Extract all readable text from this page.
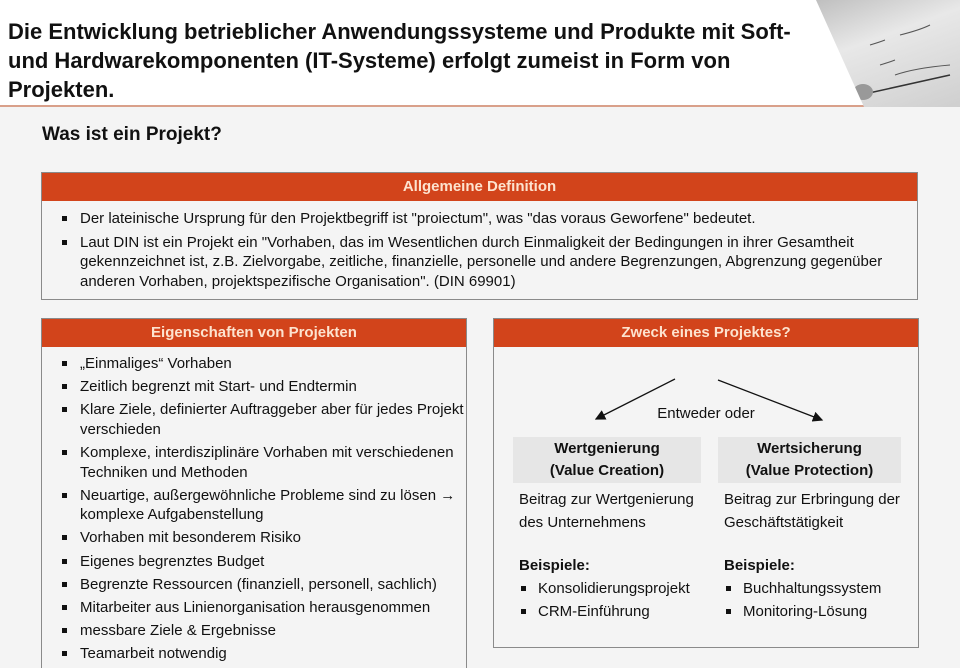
Die Entwicklung betrieblicher Anwendungssysteme und Produkte mit Soft- und Hardwarekomponenten (IT-Systeme) erfolgt zumeist in Form von Projekten.
Was ist ein Projekt?
Allgemeine Definition
Der lateinische Ursprung für den Projektbegriff ist "proiectum", was "das voraus Geworfene" bedeutet.
Laut DIN ist ein Projekt ein "Vorhaben, das im Wesentlichen durch Einmaligkeit der Bedingungen in ihrer Gesamtheit gekennzeichnet ist, z.B. Zielvorgabe, zeitliche, finanzielle, personelle und andere Begrenzungen, Abgrenzung gegenüber anderen Vorhaben, projektspezifische Organisation". (DIN 69901)
Eigenschaften von Projekten
„Einmaliges“ Vorhaben
Zeitlich begrenzt mit Start- und Endtermin
Klare Ziele, definierter Auftraggeber aber für jedes Projekt verschieden
Komplexe, interdisziplinäre Vorhaben mit verschiedenen Techniken und Methoden
Neuartige, außergewöhnliche Probleme sind zu lösen → komplexe Aufgabenstellung
Vorhaben mit besonderem Risiko
Eigenes begrenztes Budget
Begrenzte Ressourcen (finanziell, personell, sachlich)
Mitarbeiter aus Linienorganisation herausgenommen
messbare Ziele & Ergebnisse
Teamarbeit notwendig
Zweck eines Projektes?
Entweder oder
Wertgenierung
(Value Creation)
Beitrag zur Wertgenierung des Unternehmens
Beispiele:
Konsolidierungsprojekt
CRM-Einführung
Wertsicherung
(Value Protection)
Beitrag zur Erbringung der Geschäftstätigkeit
Beispiele:
Buchhaltungssystem
Monitoring-Lösung
